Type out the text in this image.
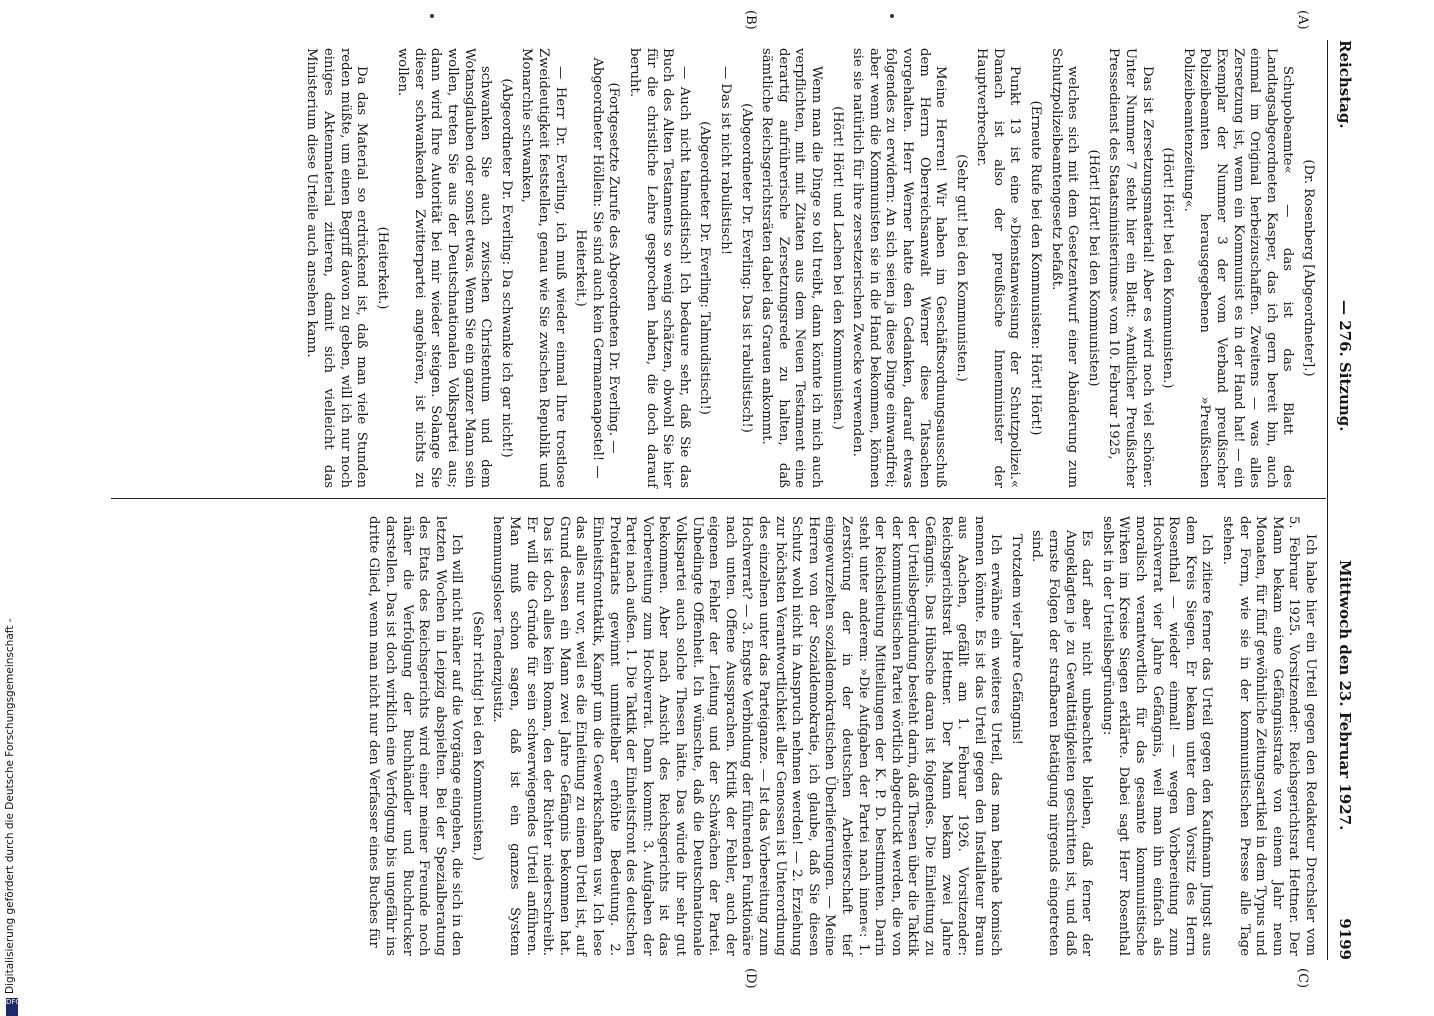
Reichstag.
— 276. Sitzung.
Mittwoch den 23. Februar 1927.
9199
(A)
(B)
(C)
(D)

(Dr. Rosenberg [Abgeordneter].)

Schupobeamte« — das ist das Blatt des Landtagsabgeordneten Kasper, das ich gern bereit bin, auch einmal im Original herbeizuschaffen. Zweitens — was alles Zersetzung ist, wenn ein Kommunist es in der Hand hat! — ein Exemplar der Nummer 3 der vom Verband preußischer Polizeibeamten herausgegebenen »Preußischen Polizeibeamtenzeitung«.

(Hört! Hört! bei den Kommunisten.)

Das ist Zersetzungsmaterial! Aber es wird noch viel schöner. Unter Nummer 7 steht hier ein Blatt: »Amtlicher Preußischer Pressedienst des Staatsministeriums« vom 10. Februar 1925,

(Hört! Hört! bei den Kommunisten)

welches sich mit dem Gesetzentwurf einer Abänderung zum Schutzpolizeibeamtengesetz befaßt.

(Erneute Rufe bei den Kommunisten: Hört! Hört!)

Punkt 13 ist eine »Dienstanweisung der Schutzpolizei.« Danach ist also der preußische Innenminister der Hauptverbrecher.

(Sehr gut! bei den Kommunisten.)

Meine Herren! Wir haben im Geschäftsordnungsausschuß dem Herrn Oberreichsanwalt Werner diese Tatsachen vorgehalten. Herr Werner hatte den Gedanken, darauf etwas folgendes zu erwidern: An sich seien ja diese Dinge einwandfrei; aber wenn die Kommunisten sie in die Hand bekommen, können sie sie natürlich für ihre zersetzerischen Zwecke verwenden.

(Hört! Hört! und Lachen bei den Kommunisten.)

Wenn man die Dinge so toll treibt, dann könnte ich mich auch verpflichten, mit mit Zitaten aus dem Neuen Testament eine derartig aufrührerische Zersetzungsrede zu halten, daß sämtliche Reichsgerichtsräten dabei das Grauen ankommt.

(Abgeordneter Dr. Everling: Das ist rabulistisch!)

— Das ist nicht rabulistisch!

(Abgeordneter Dr. Everling: Talmudistisch!)

— Auch nicht talmudistisch! Ich bedaure sehr, daß Sie das Buch des Alten Testaments so wenig schätzen, obwohl Sie hier für die christliche Lehre gesprochen haben, die doch darauf beruht.

(Fortgesetzte Zurufe des Abgeordneten Dr. Everling. — Abgeordneter Höllein: Sie sind auch kein Germanenapostel! — Heiterkeit.)

— Herr Dr. Everling, ich muß wieder einmal Ihre trostlose Zweideutigkeit feststellen, genau wie Sie zwischen Republik und Monarchie schwanken,

(Abgeordneter Dr. Everling: Da schwanke ich gar nicht!)

schwanken Sie auch zwischen Christentum und dem Wotansglauben oder sonst etwas. Wenn Sie ein ganzer Mann sein wollen, treten Sie aus der Deutschnationalen Volkspartei aus; dann wird Ihre Autorität bei mir wieder steigen. Solange Sie dieser schwankenden Zwitterpartei angehören, ist nichts zu wollen.

(Heiterkeit.)

Da das Material so erdrückend ist, daß man viele Stunden reden müßte, um einen Begriff davon zu geben, will ich nur noch einiges Aktenmaterial zitieren, damit sich vielleicht das Ministerium diese Urteile auch ansehen kann.

Ich habe hier ein Urteil gegen den Redakteur Drechsler vom 5. Februar 1925. Vorsitzender: Reichsgerichtsrat Hettner. Der Mann bekam eine Gefängnisstrafe von einem Jahr neun Monaten, für fünf gewöhnliche Zeitungsartikel in dem Typus und der Form, wie sie in der kommunistischen Presse alle Tage stehen.

Ich zitiere ferner das Urteil gegen den Kaufmann Jungst aus dem Kreis Siegen. Er bekam unter dem Vorsitz des Herrn Rosenthal — wieder einmal! — wegen Vorbereitung zum Hochverrat vier Jahre Gefängnis, weil man ihn einfach als moralisch verantwortlich für das gesamte kommunistische Wirken im Kreise Siegen erklärte. Dabei sagt Herr Rosenthal selbst in der Urteilsbegründung:

Es darf aber nicht unbeachtet bleiben, daß ferner der Angeklagten je zu Gewalttätigkeiten geschritten ist, und daß ernste Folgen der strafbaren Betätigung nirgends eingetreten sind.

Trotzdem vier Jahre Gefängnis!

Ich erwähne ein weiteres Urteil, das man beinahe komisch nennen könnte. Es ist das Urteil gegen den Installateur Braun aus Aachen, gefällt am 1. Februar 1926. Vorsitzender: Reichsgerichtsrat Hettner. Der Mann bekam zwei Jahre Gefängnis. Das Hübsche daran ist folgendes. Die Einleitung zu der Urteilsbegründung besteht darin, daß Thesen über die Taktik der kommunistischen Partei wörtlich abgedruckt werden, die von der Reichsleitung Mitteilungen der K. P. D. bestimmten. Darin steht unter anderem: »Die Aufgaben der Partei nach innen«: 1. Zerstörung der in der deutschen Arbeiterschaft tief eingewurzelten sozialdemokratischen Überlieferungen. — Meine Herren von der Sozialdemokratie, ich glaube, daß Sie diesen Schutz wohl nicht in Anspruch nehmen werden! — 2. Erziehung zur höchsten Verantwortlichkeit aller Genossen ist Unterordnung des einzelnen unter das Parteiganze. — Ist das Vorbereitung zum Hochverrat? — 3. Engste Verbindung der führenden Funktionäre nach unten. Offene Aussprachen. Kritik der Fehler, auch der eigenen Fehler der Leitung und der Schwächen der Partei. Unbedingte Offenheit. Ich wünschte, daß die Deutschnationale Volkspartei auch solche Thesen hätte. Das würde ihr sehr gut bekommen. Aber nach Ansicht des Reichsgerichts ist das Vorbereitung zum Hochverrat. Dann kommt: 3. Aufgaben der Partei nach außen. 1. Die Taktik der Einheitsfront des deutschen Proletariats gewinnt unmittelbar erhöhte Bedeutung. 2. Einheitsfronttaktik, Kampf um die Gewerkschaften usw. Ich lese das alles nur vor, weil es die Einleitung zu einem Urteil ist, auf Grund dessen ein Mann zwei Jahre Gefängnis bekommen hat. Das ist doch alles kein Roman, den der Richter niederschreibt. Er will die Gründe für sein schwerwiegendes Urteil anführen. Man muß schon sagen, daß ist ein ganzes System hemmungsloser Tendenzjustiz.

(Sehr richtig! bei den Kommunisten.)

Ich will nicht näher auf die Vorgänge eingehen, die sich in den letzten Wochen in Leipzig abspielten. Bei der Spezialberatung des Etats des Reichsgerichts wird einer meiner Freunde noch näher die Verfolgung der Buchhändler und Buchdrucker darstellen. Das ist doch wirklich eine Verfolgung bis ungefähr ins dritte Glied, wenn man nicht nur den Verfasser eines Buches für

Digitalisierung gefördert durch die Deutsche Forschungsgemeinschaft -
DFG
